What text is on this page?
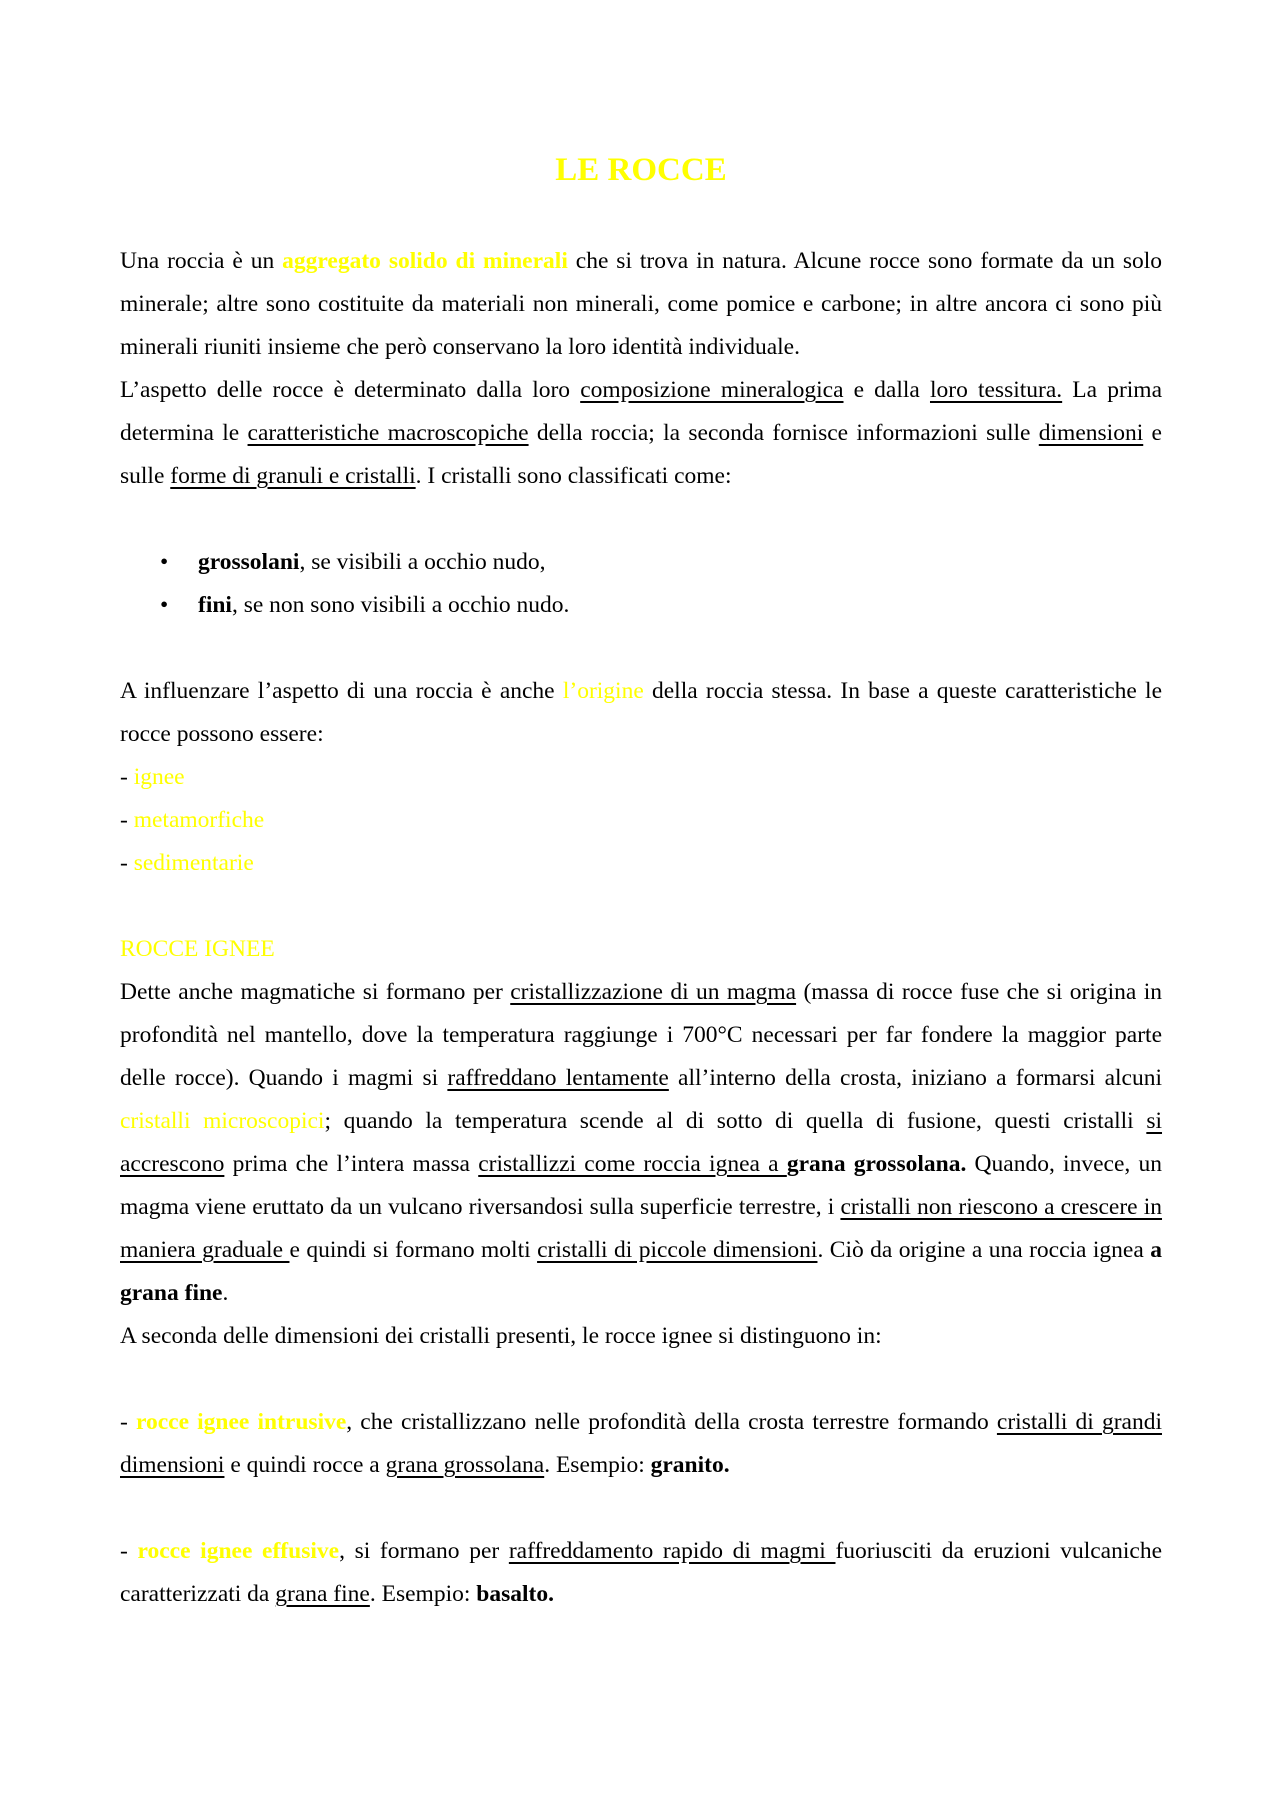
LE ROCCE

Una roccia è un aggregato solido di minerali che si trova in natura. Alcune rocce sono formate da un solo minerale; altre sono costituite da materiali non minerali, come pomice e carbone; in altre ancora ci sono più minerali riuniti insieme che però conservano la loro identità individuale.

L’aspetto delle rocce è determinato dalla loro composizione mineralogica e dalla loro tessitura. La prima determina le caratteristiche macroscopiche della roccia; la seconda fornisce informazioni sulle dimensioni e sulle forme di granuli e cristalli. I cristalli sono classificati come:

• grossolani, se visibili a occhio nudo,
• fini, se non sono visibili a occhio nudo.

A influenzare l’aspetto di una roccia è anche l’origine della roccia stessa. In base a queste caratteristiche le rocce possono essere:

- ignee

- metamorfiche

- sedimentarie

ROCCE IGNEE

Dette anche magmatiche si formano per cristallizzazione di un magma (massa di rocce fuse che si origina in profondità nel mantello, dove la temperatura raggiunge i 700°C necessari per far fondere la maggior parte delle rocce). Quando i magmi si raffreddano lentamente all’interno della crosta, iniziano a formarsi alcuni cristalli microscopici; quando la temperatura scende al di sotto di quella di fusione, questi cristalli si accrescono prima che l’intera massa cristallizzi come roccia ignea a grana grossolana. Quando, invece, un magma viene eruttato da un vulcano riversandosi sulla superficie terrestre, i cristalli non riescono a crescere in maniera graduale e quindi si formano molti cristalli di piccole dimensioni. Ciò da origine a una roccia ignea a grana fine.

A seconda delle dimensioni dei cristalli presenti, le rocce ignee si distinguono in:

- rocce ignee intrusive, che cristallizzano nelle profondità della crosta terrestre formando cristalli di grandi dimensioni e quindi rocce a grana grossolana. Esempio: granito.

- rocce ignee effusive, si formano per raffreddamento rapido di magmi fuoriusciti da eruzioni vulcaniche caratterizzati da grana fine. Esempio: basalto.
